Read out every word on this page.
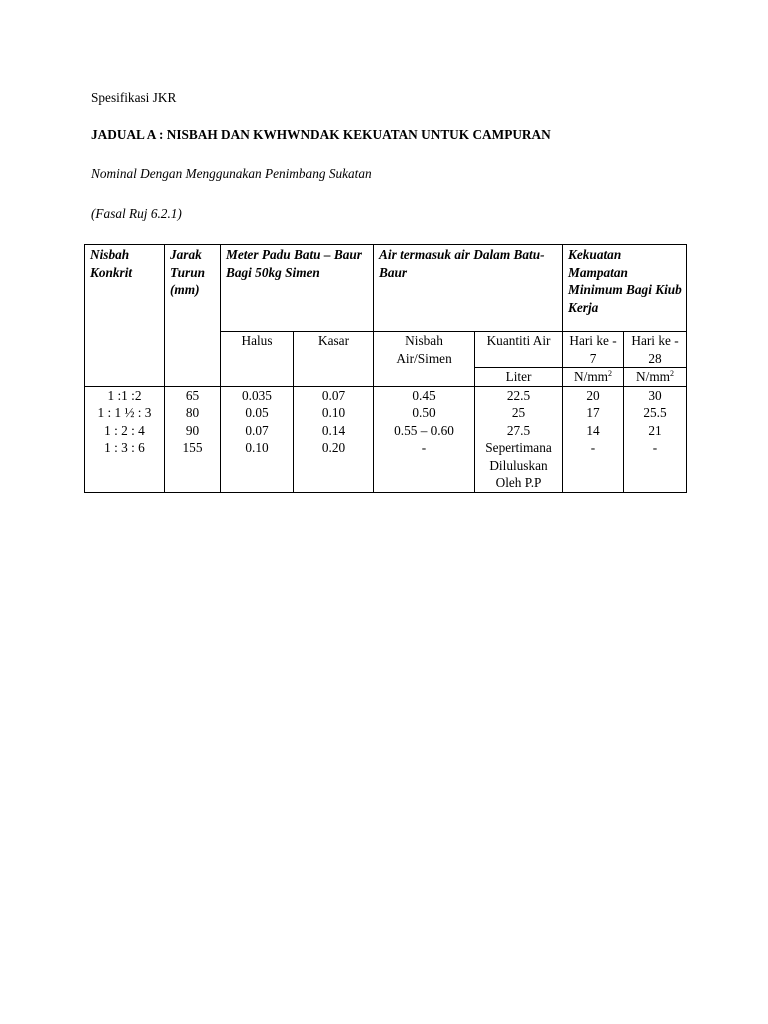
Spesifikasi JKR
JADUAL A : NISBAH DAN KWHWNDAK KEKUATAN UNTUK CAMPURAN
Nominal Dengan Menggunakan Penimbang Sukatan
(Fasal Ruj 6.2.1)
Nisbah Konkrit	Jarak Turun (mm)	Meter Padu Batu – Baur Bagi 50kg Simen		Air termasuk air Dalam Batu-Baur		Kekuatan Mampatan Minimum Bagi Kiub Kerja	
		Halus	Kasar	Nisbah Air/Simen	Kuantiti Air	Hari ke - 7	Hari ke - 28
					Liter	$N/mm^2$	$N/mm^2$
1 :1 :2	65	0.035	0.07	0.45	22.5	20	30
1 : 1 ½ : 3	80	0.05	0.10	0.50	25	17	25.5
1 : 2 : 4	90	0.07	0.14	0.55 – 0.60	27.5	14	21
1 : 3 : 6	155	0.10	0.20	-	Sepertimana Diluluskan Oleh P.P	-	-
